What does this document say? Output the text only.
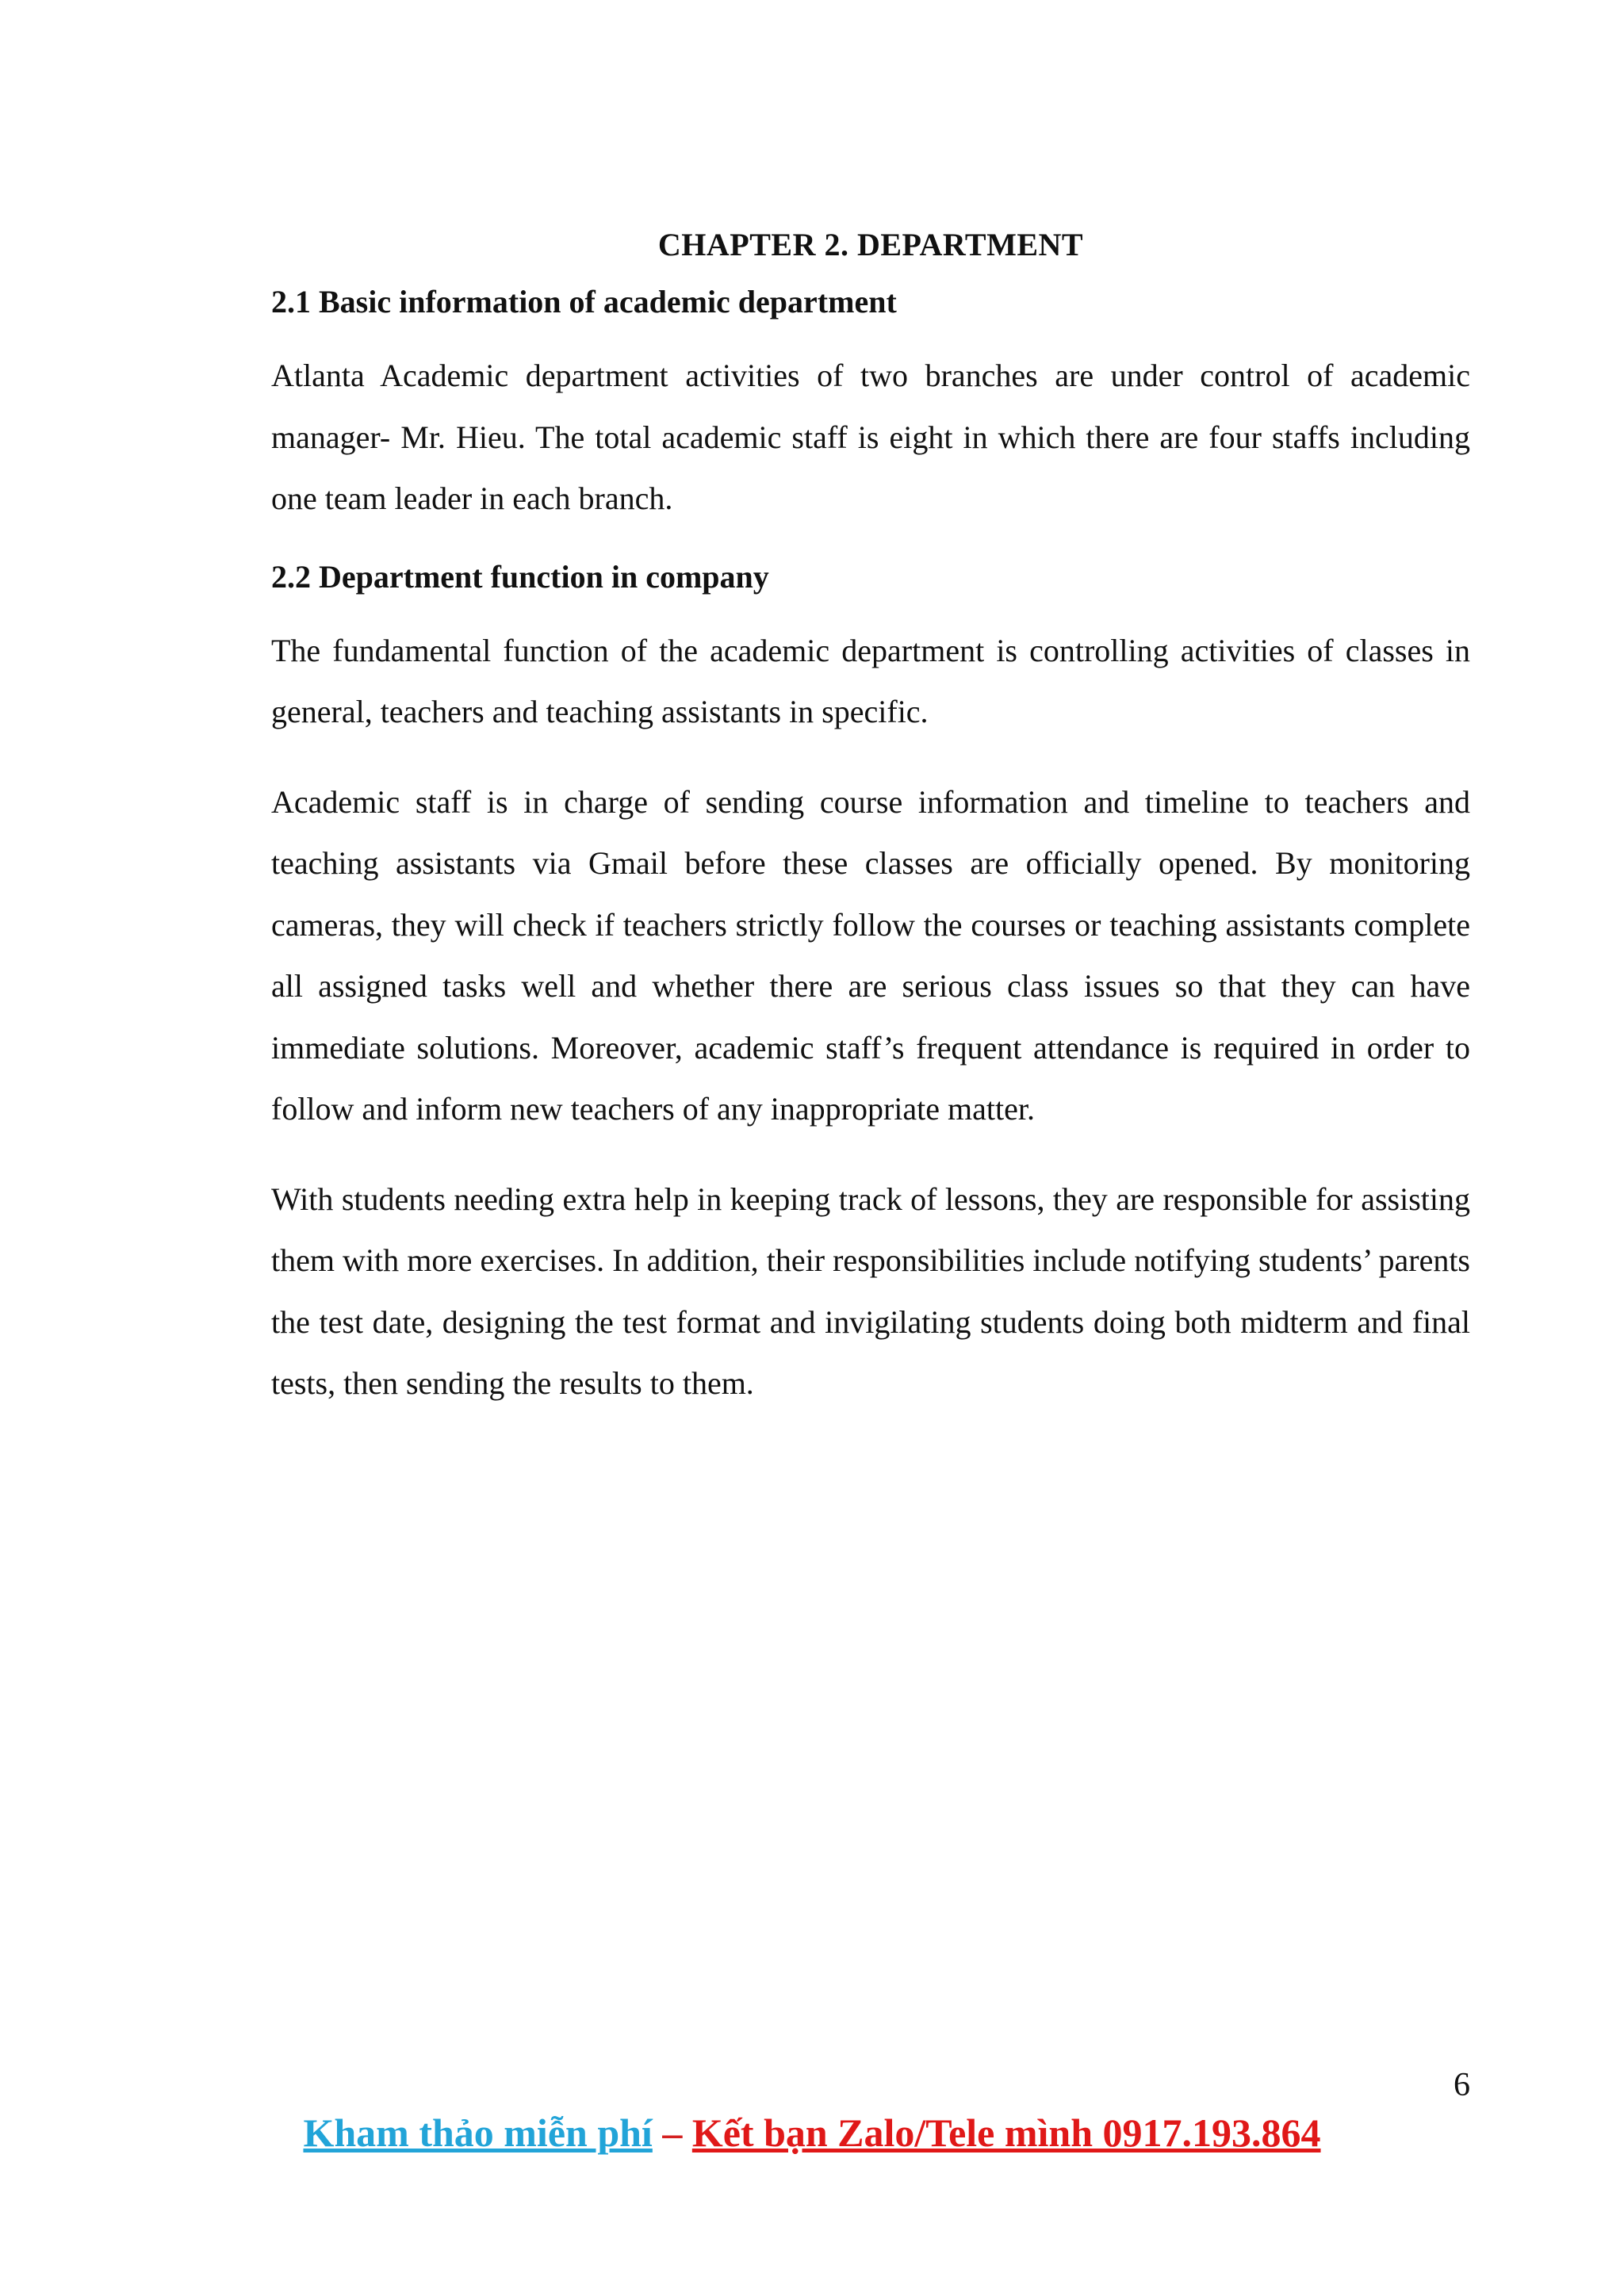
CHAPTER 2. DEPARTMENT
2.1 Basic information of academic department

Atlanta Academic department activities of two branches are under control of academic manager- Mr. Hieu. The total academic staff is eight in which there are four staffs including one team leader in each branch.

2.2 Department function in company

The fundamental function of the academic department is controlling activities of classes in general, teachers and teaching assistants in specific.

Academic staff is in charge of sending course information and timeline to teachers and teaching assistants via Gmail before these classes are officially opened. By monitoring cameras, they will check if teachers strictly follow the courses or teaching assistants complete all assigned tasks well and whether there are serious class issues so that they can have immediate solutions. Moreover, academic staff’s frequent attendance is required in order to follow and inform new teachers of any inappropriate matter.

With students needing extra help in keeping track of lessons, they are responsible for assisting them with more exercises. In addition, their responsibilities include notifying students’ parents the test date, designing the test format and invigilating students doing both midterm and final tests, then sending the results to them.

6
Kham thảo miễn phí – Kết bạn Zalo/Tele mình 0917.193.864
